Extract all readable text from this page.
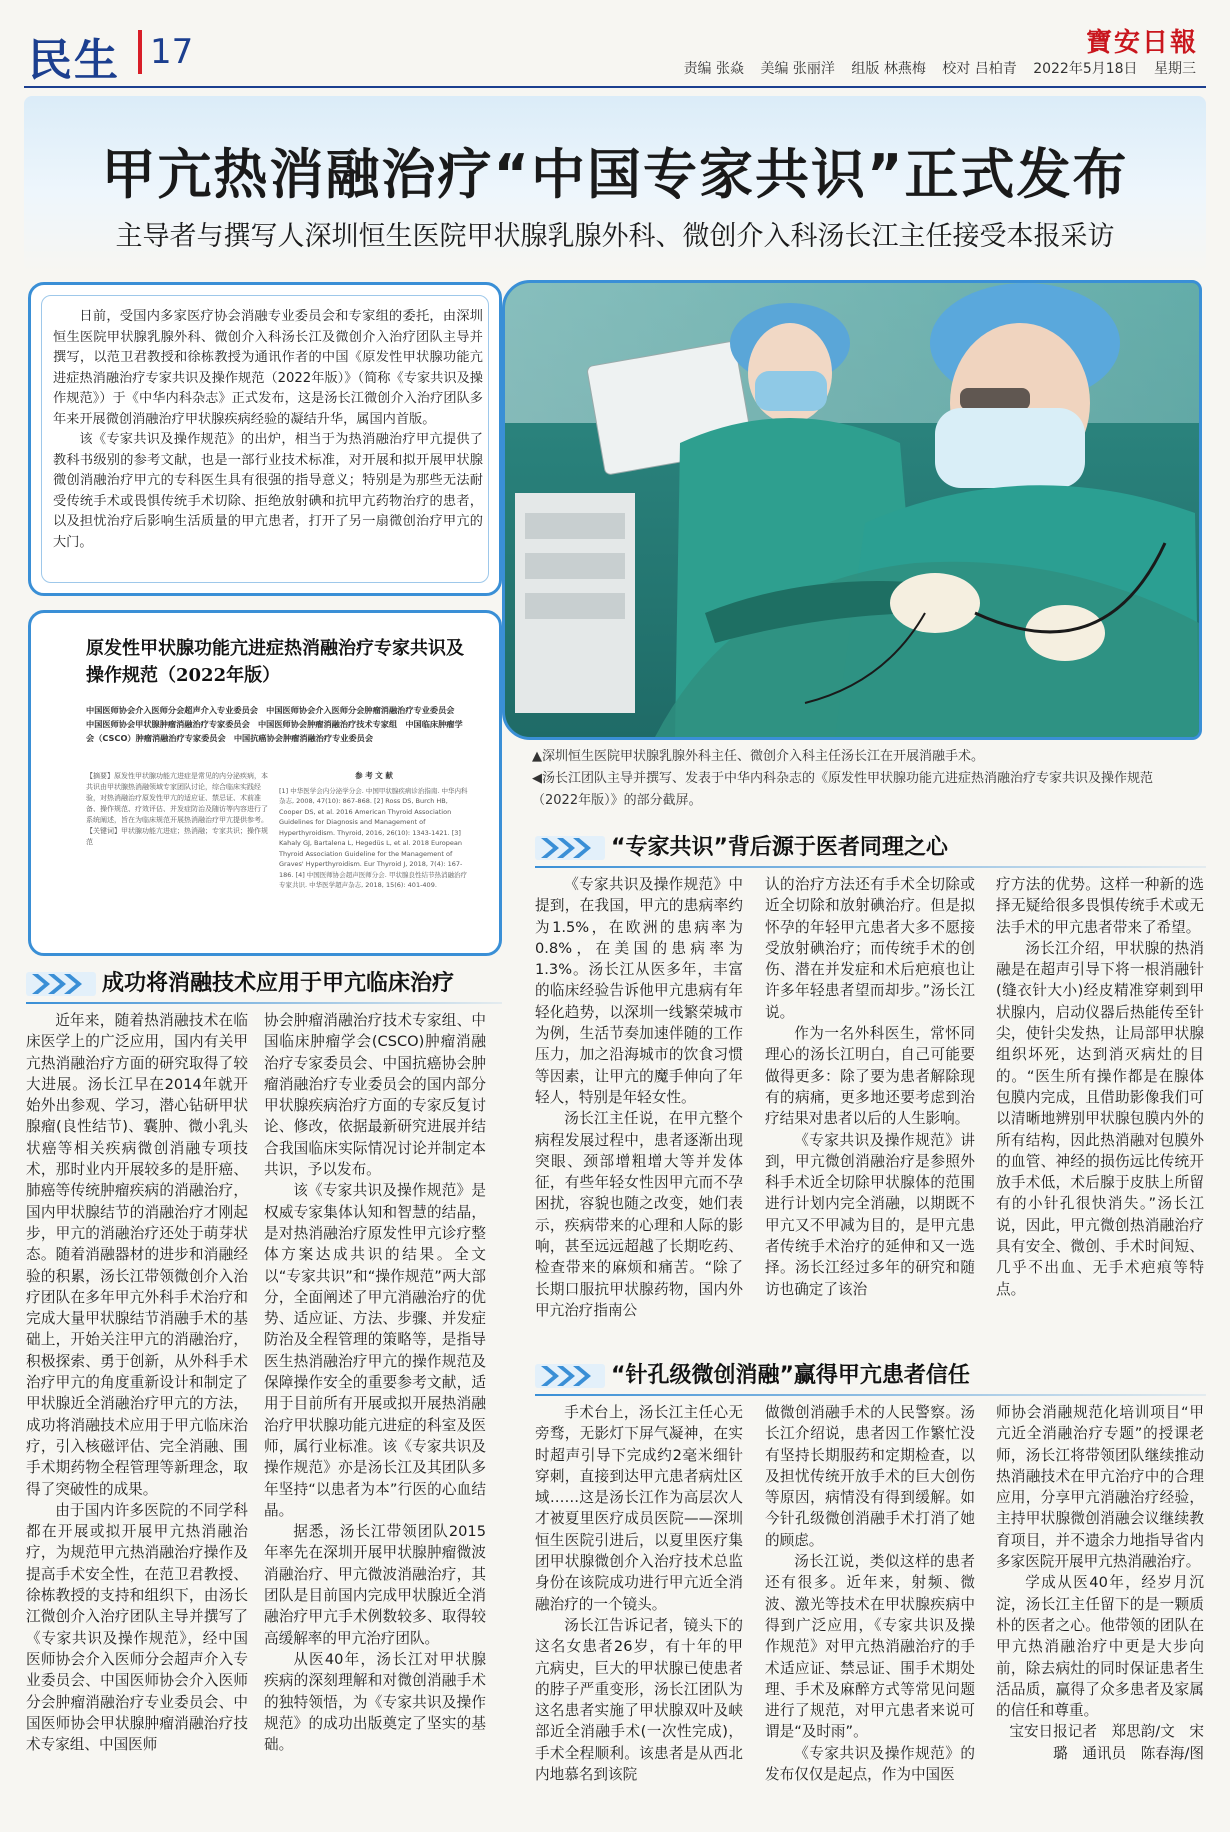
民生 17	寶安日報
责编 张焱 美编 张丽洋 组版 林燕梅 校对 吕柏青 2022年5月18日 星期三
甲亢热消融治疗“中国专家共识”正式发布
主导者与撰写人深圳恒生医院甲状腺乳腺外科、微创介入科汤长江主任接受本报采访

日前，受国内多家医疗协会消融专业委员会和专家组的委托，由深圳恒生医院甲状腺乳腺外科、微创介入科汤长江及微创介入治疗团队主导并撰写，以范卫君教授和徐栋教授为通讯作者的中国《原发性甲状腺功能亢进症热消融治疗专家共识及操作规范（2022年版）》（简称《专家共识及操作规范》）于《中华内科杂志》正式发布，这是汤长江微创介入治疗团队多年来开展微创消融治疗甲状腺疾病经验的凝结升华，属国内首版。

该《专家共识及操作规范》的出炉，相当于为热消融治疗甲亢提供了教科书级别的参考文献，也是一部行业技术标准，对开展和拟开展甲状腺微创消融治疗甲亢的专科医生具有很强的指导意义；特别是为那些无法耐受传统手术或畏惧传统手术切除、拒绝放射碘和抗甲亢药物治疗的患者，以及担忧治疗后影响生活质量的甲亢患者，打开了另一扇微创治疗甲亢的大门。

原发性甲状腺功能亢进症热消融治疗专家共识及操作规范（2022年版）
中国医师协会介入医师分会超声介入专业委员会　中国医师协会介入医师分会肿瘤消融治疗专业委员会　中国医师协会甲状腺肿瘤消融治疗专家委员会　中国医师协会肿瘤消融治疗技术专家组　中国临床肿瘤学会（CSCO）肿瘤消融治疗专家委员会　中国抗癌协会肿瘤消融治疗专业委员会
【摘要】原发性甲状腺功能亢进症是常见的内分泌疾病，本共识由甲状腺热消融领域专家团队讨论，综合临床实践经验，对热消融治疗原发性甲亢的适应证、禁忌证、术前准备、操作规范、疗效评估、并发症防治及随访等内容进行了系统阐述，旨在为临床规范开展热消融治疗甲亢提供参考。【关键词】甲状腺功能亢进症；热消融；专家共识；操作规范
参 考 文 献
[1] 中华医学会内分泌学分会. 中国甲状腺疾病诊治指南. 中华内科杂志, 2008, 47(10): 867-868. [2] Ross DS, Burch HB, Cooper DS, et al. 2016 American Thyroid Association Guidelines for Diagnosis and Management of Hyperthyroidism. Thyroid, 2016, 26(10): 1343-1421. [3] Kahaly GJ, Bartalena L, Hegedüs L, et al. 2018 European Thyroid Association Guideline for the Management of Graves' Hyperthyroidism. Eur Thyroid J, 2018, 7(4): 167-186. [4] 中国医师协会超声医师分会. 甲状腺良性结节热消融治疗专家共识. 中华医学超声杂志, 2018, 15(6): 401-409.
▲深圳恒生医院甲状腺乳腺外科主任、微创介入科主任汤长江在开展消融手术。
◀汤长江团队主导并撰写、发表于中华内科杂志的《原发性甲状腺功能亢进症热消融治疗专家共识及操作规范（2022年版）》的部分截屏。
成功将消融技术应用于甲亢临床治疗
“专家共识”背后源于医者同理之心
“针孔级微创消融”赢得甲亢患者信任

近年来，随着热消融技术在临床医学上的广泛应用，国内有关甲亢热消融治疗方面的研究取得了较大进展。汤长江早在2014年就开始外出参观、学习，潜心钻研甲状腺瘤(良性结节)、囊肿、微小乳头状癌等相关疾病微创消融专项技术，那时业内开展较多的是肝癌、肺癌等传统肿瘤疾病的消融治疗，国内甲状腺结节的消融治疗才刚起步，甲亢的消融治疗还处于萌芽状态。随着消融器材的进步和消融经验的积累，汤长江带领微创介入治疗团队在多年甲亢外科手术治疗和完成大量甲状腺结节消融手术的基础上，开始关注甲亢的消融治疗，积极探索、勇于创新，从外科手术治疗甲亢的角度重新设计和制定了甲状腺近全消融治疗甲亢的方法，成功将消融技术应用于甲亢临床治疗，引入核磁评估、完全消融、围手术期药物全程管理等新理念，取得了突破性的成果。

由于国内许多医院的不同学科都在开展或拟开展甲亢热消融治疗，为规范甲亢热消融治疗操作及提高手术安全性，在范卫君教授、徐栋教授的支持和组织下，由汤长江微创介入治疗团队主导并撰写了《专家共识及操作规范》，经中国医师协会介入医师分会超声介入专业委员会、中国医师协会介入医师分会肿瘤消融治疗专业委员会、中国医师协会甲状腺肿瘤消融治疗技术专家组、中国医师

协会肿瘤消融治疗技术专家组、中国临床肿瘤学会(CSCO)肿瘤消融治疗专家委员会、中国抗癌协会肿瘤消融治疗专业委员会的国内部分甲状腺疾病治疗方面的专家反复讨论、修改，依据最新研究进展并结合我国临床实际情况讨论并制定本共识，予以发布。

该《专家共识及操作规范》是权威专家集体认知和智慧的结晶，是对热消融治疗原发性甲亢诊疗整体方案达成共识的结果。全文以“专家共识”和“操作规范”两大部分，全面阐述了甲亢消融治疗的优势、适应证、方法、步骤、并发症防治及全程管理的策略等，是指导医生热消融治疗甲亢的操作规范及保障操作安全的重要参考文献，适用于目前所有开展或拟开展热消融治疗甲状腺功能亢进症的科室及医师，属行业标准。该《专家共识及操作规范》亦是汤长江及其团队多年坚持“以患者为本”行医的心血结晶。

据悉，汤长江带领团队2015年率先在深圳开展甲状腺肿瘤微波消融治疗、甲亢微波消融治疗，其团队是目前国内完成甲状腺近全消融治疗甲亢手术例数较多、取得较高缓解率的甲亢治疗团队。

从医40年，汤长江对甲状腺疾病的深刻理解和对微创消融手术的独特领悟，为《专家共识及操作规范》的成功出版奠定了坚实的基础。

《专家共识及操作规范》中提到，在我国，甲亢的患病率约为1.5%，在欧洲的患病率为0.8%，在美国的患病率为1.3%。汤长江从医多年，丰富的临床经验告诉他甲亢患病有年轻化趋势，以深圳一线繁荣城市为例，生活节奏加速伴随的工作压力，加之沿海城市的饮食习惯等因素，让甲亢的魔手伸向了年轻人，特别是年轻女性。

汤长江主任说，在甲亢整个病程发展过程中，患者逐渐出现突眼、颈部增粗增大等并发体征，有些年轻女性因甲亢而不孕困扰，容貌也随之改变，她们表示，疾病带来的心理和人际的影响，甚至远远超越了长期吃药、检查带来的麻烦和痛苦。“除了长期口服抗甲状腺药物，国内外甲亢治疗指南公

认的治疗方法还有手术全切除或近全切除和放射碘治疗。但是拟怀孕的年轻甲亢患者大多不愿接受放射碘治疗；而传统手术的创伤、潜在并发症和术后疤痕也让许多年轻患者望而却步。”汤长江说。

作为一名外科医生，常怀同理心的汤长江明白，自己可能要做得更多：除了要为患者解除现有的病痛，更多地还要考虑到治疗结果对患者以后的人生影响。

《专家共识及操作规范》讲到，甲亢微创消融治疗是参照外科手术近全切除甲状腺体的范围进行计划内完全消融，以期既不甲亢又不甲减为目的，是甲亢患者传统手术治疗的延伸和又一选择。汤长江经过多年的研究和随访也确定了该治

疗方法的优势。这样一种新的选择无疑给很多畏惧传统手术或无法手术的甲亢患者带来了希望。

汤长江介绍，甲状腺的热消融是在超声引导下将一根消融针(缝衣针大小)经皮精准穿刺到甲状腺内，启动仪器后热能传至针尖，使针尖发热，让局部甲状腺组织坏死，达到消灭病灶的目的。“医生所有操作都是在腺体包膜内完成，且借助影像我们可以清晰地辨别甲状腺包膜内外的所有结构，因此热消融对包膜外的血管、神经的损伤远比传统开放手术低，术后腺于皮肤上所留有的小针孔很快消失。”汤长江说，因此，甲亢微创热消融治疗具有安全、微创、手术时间短、几乎不出血、无手术疤痕等特点。

手术台上，汤长江主任心无旁骛，无影灯下屏气凝神，在实时超声引导下完成约2毫米细针穿刺，直接到达甲亢患者病灶区域……这是汤长江作为高层次人才被夏里医疗成员医院——深圳恒生医院引进后，以夏里医疗集团甲状腺微创介入治疗技术总监身份在该院成功进行甲亢近全消融治疗的一个镜头。

汤长江告诉记者，镜头下的这名女患者26岁，有十年的甲亢病史，巨大的甲状腺已使患者的脖子严重变形，汤长江团队为这名患者实施了甲状腺双叶及峡部近全消融手术(一次性完成)，手术全程顺利。该患者是从西北内地慕名到该院

做微创消融手术的人民警察。汤长江介绍说，患者因工作繁忙没有坚持长期服药和定期检查，以及担忧传统开放手术的巨大创伤等原因，病情没有得到缓解。如今针孔级微创消融手术打消了她的顾虑。

汤长江说，类似这样的患者还有很多。近年来，射频、微波、激光等技术在甲状腺疾病中得到广泛应用，《专家共识及操作规范》对甲亢热消融治疗的手术适应证、禁忌证、围手术期处理、手术及麻醉方式等常见问题进行了规范，对甲亢患者来说可谓是“及时雨”。

《专家共识及操作规范》的发布仅仅是起点，作为中国医

师协会消融规范化培训项目“甲亢近全消融治疗专题”的授课老师，汤长江将带领团队继续推动热消融技术在甲亢治疗中的合理应用，分享甲亢消融治疗经验，主持甲状腺微创消融会议继续教育项目，并不遗余力地指导省内多家医院开展甲亢热消融治疗。

学成从医40年，经岁月沉淀，汤长江主任留下的是一颗质朴的医者之心。他带领的团队在甲亢热消融治疗中更是大步向前，除去病灶的同时保证患者生活品质，赢得了众多患者及家属的信任和尊重。

宝安日报记者　郑思韵/文　宋璐　通讯员　陈春海/图
